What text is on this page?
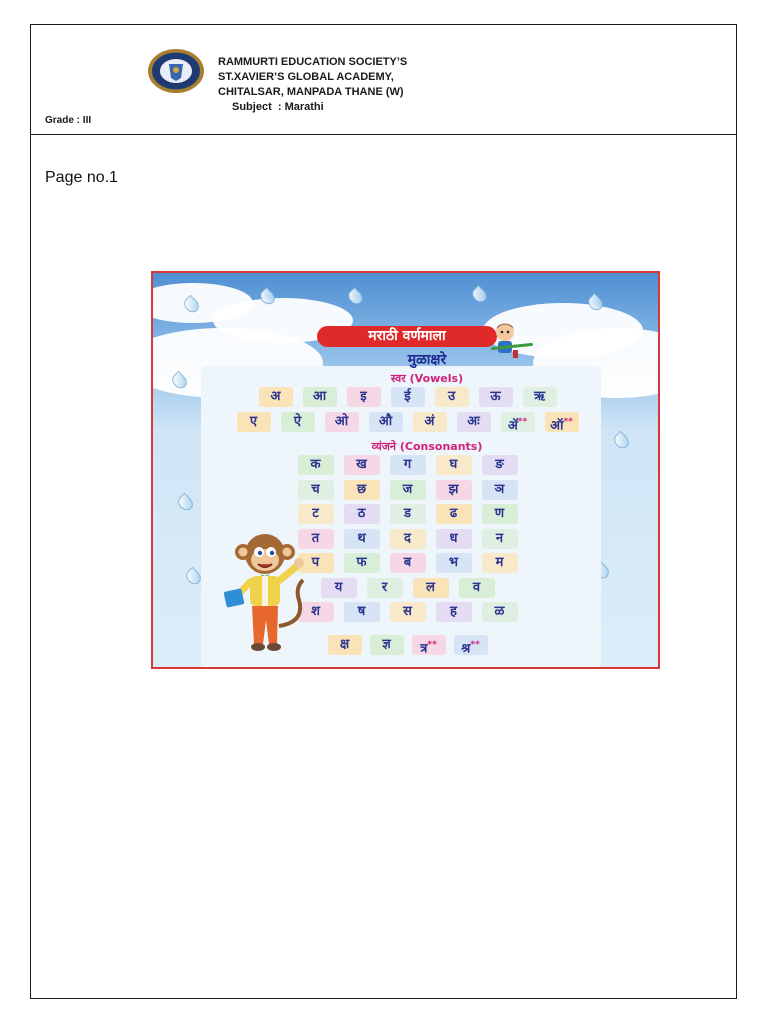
RAMMURTI EDUCATION SOCIETY’S
ST.XAVIER’S GLOBAL ACADEMY,
CHITALSAR, MANPADA THANE (W)
Subject  : Marathi
Grade : III
Page no.1
मराठी वर्णमाला
मुळाक्षरे
स्वर (Vowels)
व्यंजने (Consonants)
अ	आ	इ	ई	उ	ऊ	ऋ
ए	ऐ	ओ	औ	अं	अः	ॲ**	ऑ**
क	ख	ग	घ	ङ
च	छ	ज	झ	ञ
ट	ठ	ड	ढ	ण
त	थ	द	ध	न
प	फ	ब	भ	म
य	र	ल	व
श	ष	स	ह	ळ
क्ष	ज्ञ	त्र**	श्र**
